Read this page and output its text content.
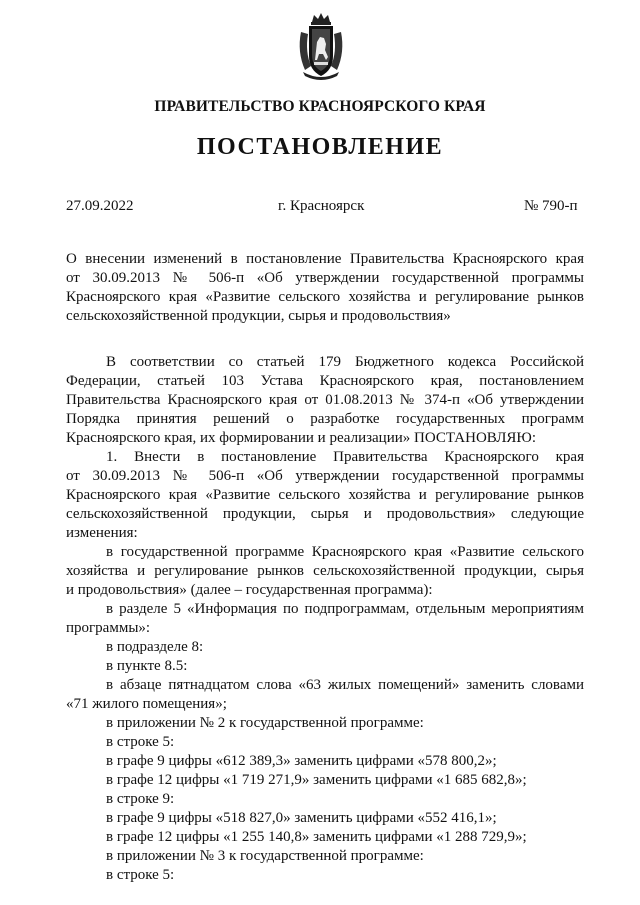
ПРАВИТЕЛЬСТВО КРАСНОЯРСКОГО КРАЯ
ПОСТАНОВЛЕНИЕ
27.09.2022	г. Красноярск	№ 790-п
О внесении изменений в постановление Правительства Красноярского края
от 30.09.2013 № 506-п «Об утверждении государственной программы
Красноярского края «Развитие сельского хозяйства и регулирование рынков
сельскохозяйственной продукции, сырья и продовольствия»
В соответствии со статьей 179 Бюджетного кодекса Российской
Федерации, статьей 103 Устава Красноярского края, постановлением
Правительства Красноярского края от 01.08.2013 № 374-п «Об утверждении
Порядка принятия решений о разработке государственных программ
Красноярского края, их формировании и реализации» ПОСТАНОВЛЯЮ:
1. Внести в постановление Правительства Красноярского края
от 30.09.2013 № 506-п «Об утверждении государственной программы
Красноярского края «Развитие сельского хозяйства и регулирование рынков
сельскохозяйственной продукции, сырья и продовольствия» следующие
изменения:
в государственной программе Красноярского края «Развитие сельского
хозяйства и регулирование рынков сельскохозяйственной продукции, сырья
и продовольствия» (далее – государственная программа):
в разделе 5 «Информация по подпрограммам, отдельным мероприятиям
программы»:
в подразделе 8:
в пункте 8.5:
в абзаце пятнадцатом слова «63 жилых помещений» заменить словами
«71 жилого помещения»;
в приложении № 2 к государственной программе:
в строке 5:
в графе 9 цифры «612 389,3» заменить цифрами «578 800,2»;
в графе 12 цифры «1 719 271,9» заменить цифрами «1 685 682,8»;
в строке 9:
в графе 9 цифры «518 827,0» заменить цифрами «552 416,1»;
в графе 12 цифры «1 255 140,8» заменить цифрами «1 288 729,9»;
в приложении № 3 к государственной программе:
в строке 5:
